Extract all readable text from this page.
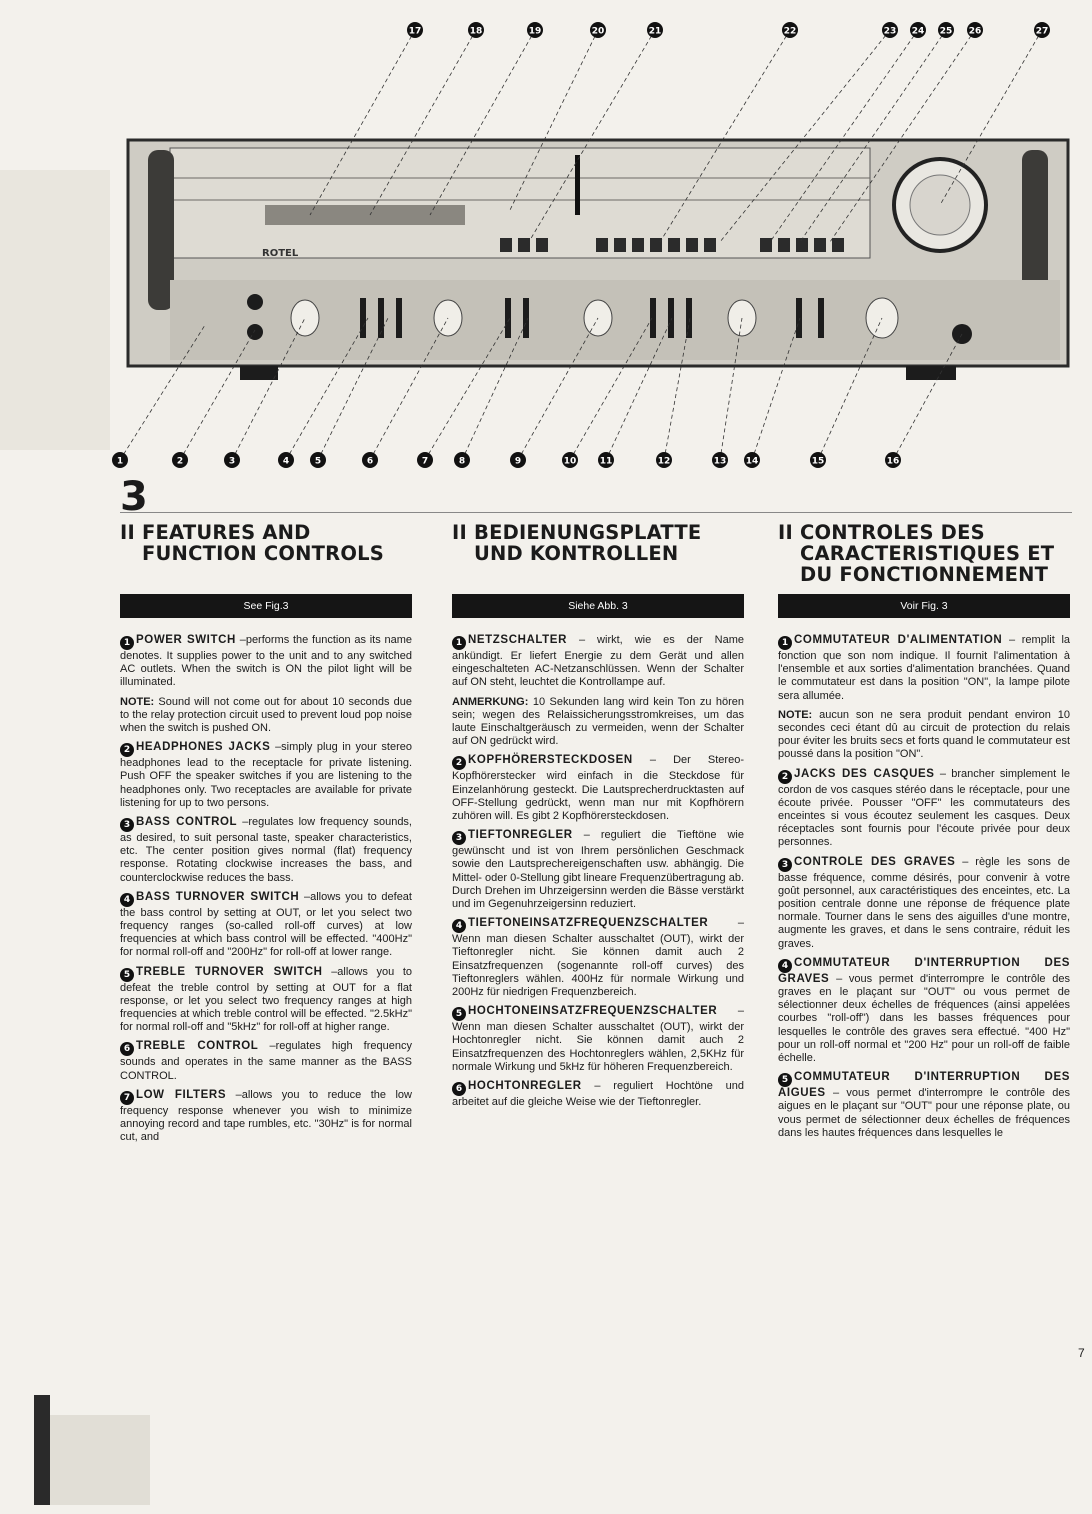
ROTEL
17	18	19	20	21	22	23 24 25 26	27
1	2	3	4	5	6	7	8	9	10	11	12	13 14	15	16
3
II FEATURES AND
FUNCTION CONTROLS
See Fig.3

1 POWER SWITCH –performs the function as its name denotes. It supplies power to the unit and to any switched AC outlets. When the switch is ON the pilot light will be illuminated.

NOTE: Sound will not come out for about 10 seconds due to the relay protection circuit used to prevent loud pop noise when the switch is pushed ON.

2 HEADPHONES JACKS –simply plug in your stereo headphones lead to the receptacle for private listening. Push OFF the speaker switches if you are listening to the headphones only. Two receptacles are available for private listening for up to two persons.

3 BASS CONTROL –regulates low frequency sounds, as desired, to suit personal taste, speaker characteristics, etc. The center position gives normal (flat) frequency response. Rotating clockwise increases the bass, and counterclockwise reduces the bass.

4 BASS TURNOVER SWITCH –allows you to defeat the bass control by setting at OUT, or let you select two frequency ranges (so-called roll-off curves) at low frequencies at which bass control will be effected. "400Hz" for normal roll-off and "200Hz" for roll-off at lower range.

5 TREBLE TURNOVER SWITCH –allows you to defeat the treble control by setting at OUT for a flat response, or let you select two frequency ranges at high frequencies at which treble control will be effected. "2.5kHz" for normal roll-off and "5kHz" for roll-off at higher range.

6 TREBLE CONTROL –regulates high frequency sounds and operates in the same manner as the BASS CONTROL.

7 LOW FILTERS –allows you to reduce the low frequency response whenever you wish to minimize annoying record and tape rumbles, etc. "30Hz" is for normal cut, and

II BEDIENUNGSPLATTE
UND KONTROLLEN
Siehe Abb. 3

1 NETZSCHALTER – wirkt, wie es der Name ankündigt. Er liefert Energie zu dem Gerät und allen eingeschalteten AC-Netzanschlüssen. Wenn der Schalter auf ON steht, leuchtet die Kontrollampe auf.

ANMERKUNG: 10 Sekunden lang wird kein Ton zu hören sein; wegen des Relaissicherungsstromkreises, um das laute Einschaltgeräusch zu vermeiden, wenn der Schalter auf ON gedrückt wird.

2 KOPFHÖRERSTECKDOSEN – Der Stereo-Kopfhörerstecker wird einfach in die Steckdose für Einzelanhörung gesteckt. Die Lautsprecherdrucktasten auf OFF-Stellung gedrückt, wenn man nur mit Kopfhörern zuhören will. Es gibt 2 Kopfhörersteckdosen.

3 TIEFTONREGLER – reguliert die Tieftöne wie gewünscht und ist von Ihrem persönlichen Geschmack sowie den Lautsprechereigenschaften usw. abhängig. Die Mittel- oder 0-Stellung gibt lineare Frequenzübertragung ab. Durch Drehen im Uhrzeigersinn werden die Bässe verstärkt und im Gegenuhrzeigersinn reduziert.

4 TIEFTONEINSATZFREQUENZSCHALTER	– Wenn man diesen Schalter ausschaltet (OUT), wirkt der Tieftonregler nicht. Sie können damit auch 2 Einsatzfrequenzen (sogenannte roll-off curves) des Tieftonreglers wählen. 400Hz für normale Wirkung und 200Hz für niedrigen Frequenzbereich.

5 HOCHTONEINSATZFREQUENZSCHALTER – Wenn man diesen Schalter ausschaltet (OUT), wirkt der Hochtonregler nicht. Sie können damit auch 2 Einsatzfrequenzen des Hochtonreglers wählen, 2,5KHz für normale Wirkung und 5kHz für höheren Frequenzbereich.

6 HOCHTONREGLER – reguliert Hochtöne und arbeitet auf die gleiche Weise wie der Tieftonregler.

II CONTROLES DES
CARACTERISTIQUES ET
DU FONCTIONNEMENT
Voir Fig. 3

1 COMMUTATEUR D'ALIMENTATION – remplit la fonction que son nom indique. Il fournit l'alimentation à l'ensemble et aux sorties d'alimentation branchées. Quand le commutateur est dans la position "ON", la lampe pilote sera allumée.

NOTE: aucun son ne sera produit pendant environ 10 secondes ceci étant dû au circuit de protection du relais pour éviter les bruits secs et forts quand le commutateur est poussé dans la position "ON".

2 JACKS DES CASQUES – brancher simplement le cordon de vos casques stéréo dans le réceptacle, pour une écoute privée. Pousser "OFF" les commutateurs des enceintes si vous écoutez seulement les casques. Deux réceptacles sont fournis pour l'écoute privée pour deux personnes.

3 CONTROLE DES GRAVES – règle les sons de basse fréquence, comme désirés, pour convenir à votre goût personnel, aux caractéristiques des enceintes, etc. La position centrale donne une réponse de fréquence plate normale. Tourner dans le sens des aiguilles d'une montre, augmente les graves, et dans le sens contraire, réduit les graves.

4 COMMUTATEUR D'INTERRUPTION DES GRAVES – vous permet d'interrompre le contrôle des graves en le plaçant sur "OUT" ou vous permet de sélectionner deux échelles de fréquences (ainsi appelées courbes "roll-off") dans les basses fréquences pour lesquelles le contrôle des graves sera effectué. "400 Hz" pour un roll-off normal et "200 Hz" pour un roll-off de faible échelle.

5 COMMUTATEUR D'INTERRUPTION DES AIGUES – vous permet d'interrompre le contrôle des aigues en le plaçant sur "OUT" pour une réponse plate, ou vous permet de sélectionner deux échelles de fréquences dans les hautes fréquences dans lesquelles le

7
